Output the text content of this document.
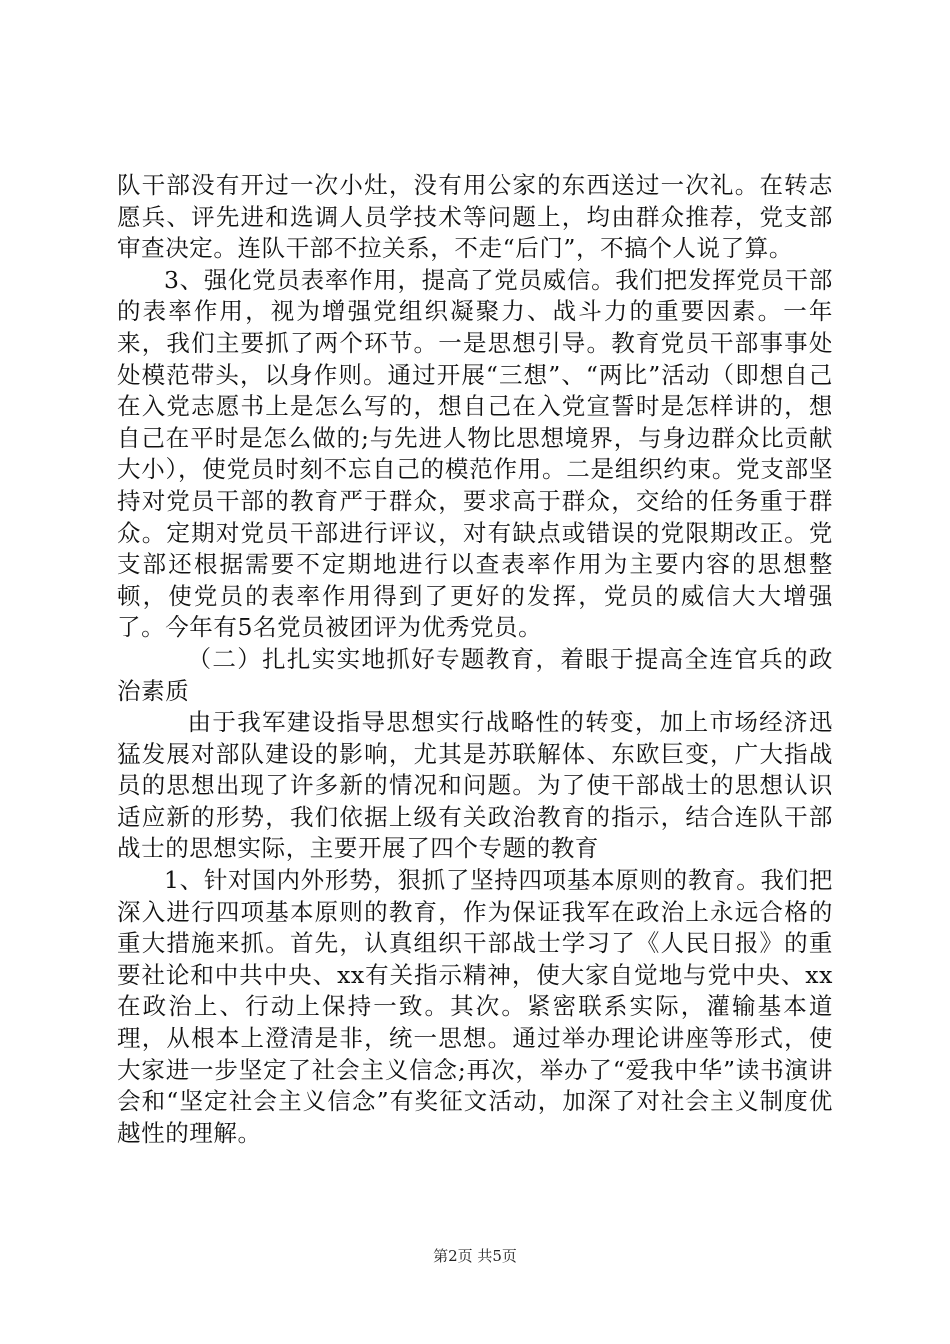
队干部没有开过一次小灶，没有用公家的东西送过一次礼。在转志愿兵、评先进和选调人员学技术等问题上，均由群众推荐，党支部审查决定。连队干部不拉关系，不走“后门”，不搞个人说了算。

3、强化党员表率作用，提高了党员威信。我们把发挥党员干部的表率作用，视为增强党组织凝聚力、战斗力的重要因素。一年来，我们主要抓了两个环节。一是思想引导。教育党员干部事事处处模范带头，以身作则。通过开展“三想”、“两比”活动（即想自己在入党志愿书上是怎么写的，想自己在入党宣誓时是怎样讲的，想自己在平时是怎么做的;与先进人物比思想境界，与身边群众比贡献大小），使党员时刻不忘自己的模范作用。二是组织约束。党支部坚持对党员干部的教育严于群众，要求高于群众，交给的任务重于群众。定期对党员干部进行评议，对有缺点或错误的党限期改正。党支部还根据需要不定期地进行以查表率作用为主要内容的思想整顿，使党员的表率作用得到了更好的发挥，党员的威信大大增强了。今年有5名党员被团评为优秀党员。

（二）扎扎实实地抓好专题教育，着眼于提高全连官兵的政治素质

由于我军建设指导思想实行战略性的转变，加上市场经济迅猛发展对部队建设的影响，尤其是苏联解体、东欧巨变，广大指战员的思想出现了许多新的情况和问题。为了使干部战士的思想认识适应新的形势，我们依据上级有关政治教育的指示，结合连队干部战士的思想实际，主要开展了四个专题的教育

1、针对国内外形势，狠抓了坚持四项基本原则的教育。我们把深入进行四项基本原则的教育，作为保证我军在政治上永远合格的重大措施来抓。首先，认真组织干部战士学习了《人民日报》的重要社论和中共中央、xx有关指示精神，使大家自觉地与党中央、xx在政治上、行动上保持一致。其次。紧密联系实际，灌输基本道理，从根本上澄清是非，统一思想。通过举办理论讲座等形式，使大家进一步坚定了社会主义信念;再次，举办了“爱我中华”读书演讲会和“坚定社会主义信念”有奖征文活动，加深了对社会主义制度优越性的理解。

第2页 共5页
